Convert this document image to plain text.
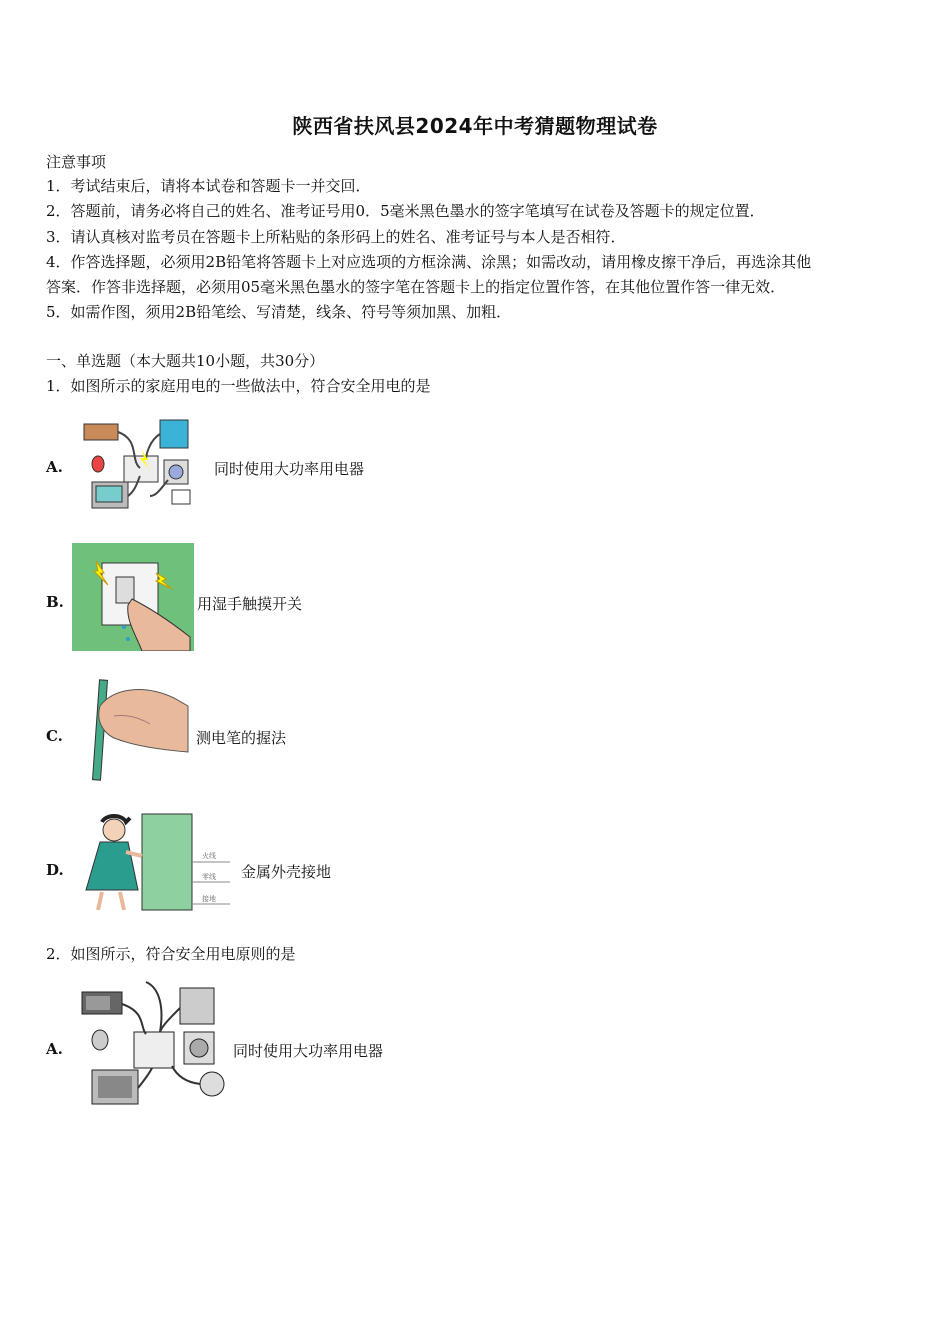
陕西省扶风县2024年中考猜题物理试卷
注意事项
1．考试结束后，请将本试卷和答题卡一并交回．
2．答题前，请务必将自己的姓名、准考证号用0．5毫米黑色墨水的签字笔填写在试卷及答题卡的规定位置．
3．请认真核对监考员在答题卡上所粘贴的条形码上的姓名、准考证号与本人是否相符．
4．作答选择题，必须用2B铅笔将答题卡上对应选项的方框涂满、涂黑；如需改动，请用橡皮擦干净后，再选涂其他
答案．作答非选择题，必须用05毫米黑色墨水的签字笔在答题卡上的指定位置作答，在其他位置作答一律无效．
5．如需作图，须用2B铅笔绘、写清楚，线条、符号等须加黑、加粗．
一、单选题（本大题共10小题，共30分）
1．如图所示的家庭用电的一些做法中，符合安全用电的是
A.	同时使用大功率用电器
B.	用湿手触摸开关
C.	测电笔的握法
D.
火线
零线
接地
金属外壳接地
2．如图所示，符合安全用电原则的是
A.	同时使用大功率用电器
